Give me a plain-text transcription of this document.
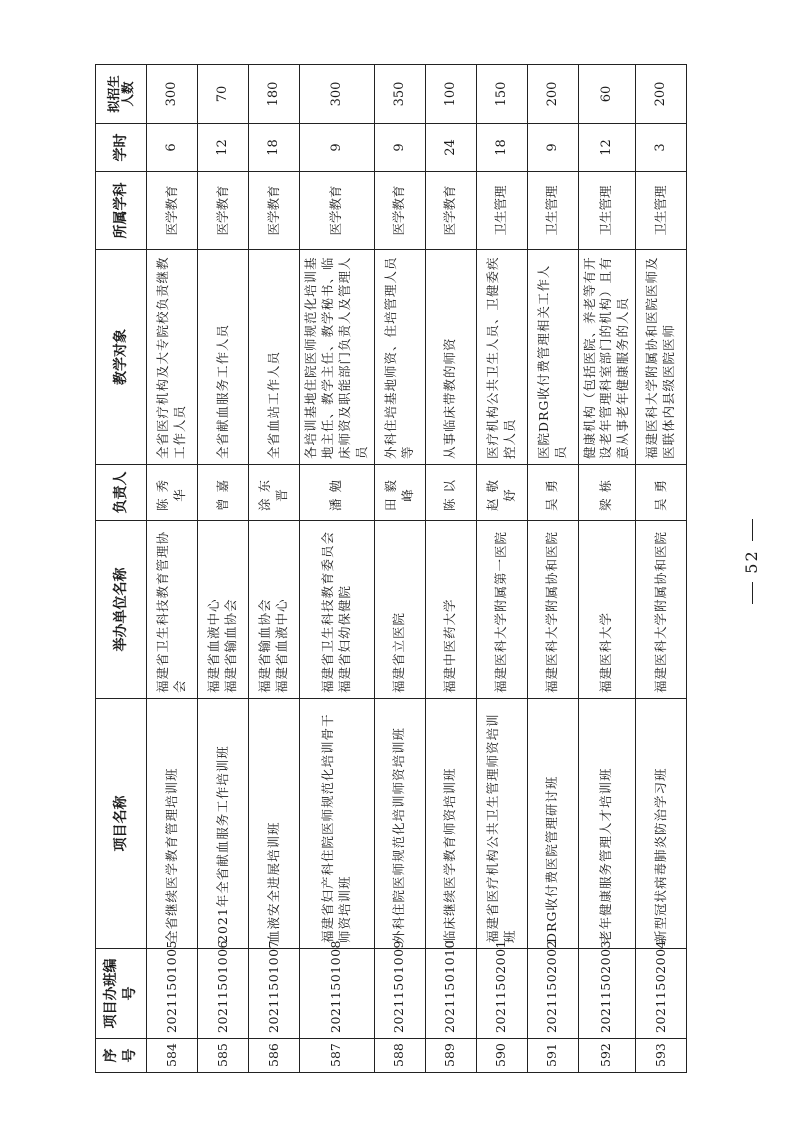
序号	项目办班编号	项目名称	举办单位名称	负责人	教学对象	所属学科	学时	拟招生人数
584	20211501005	全省继续医学教育管理培训班	福建省卫生科技教育管理协会	陈秀华	全省医疗机构及大专院校负责继教工作人员	医学教育	6	300
585	20211501006	2021年全省献血服务工作培训班	福建省血液中心 福建省输血协会	曾嘉	全省献血服务工作人员	医学教育	12	70
586	20211501007	血液安全进展培训班	福建省输血协会 福建省血液中心	涂东晋	全省血站工作人员	医学教育	18	180
587	20211501008	福建省妇产科住院医师规范化培训骨干师资培训班	福建省卫生科技教育委员会 福建省妇幼保健院	潘勉	各培训基地住院医师规范化培训基地主任、教学主任、教学秘书、临床师资及职能部门负责人及管理人员	医学教育	9	300
588	20211501009	外科住院医师规范化培训师资培训班	福建省立医院	田毅峰	外科住培基地师资、住培管理人员等	医学教育	9	350
589	20211501010	临床继续医学教育师资培训班	福建中医药大学	陈以	从事临床带教的师资	医学教育	24	100
590	20211502001	福建省医疗机构公共卫生管理师资培训班	福建医科大学附属第一医院	赵敬妤	医疗机构公共卫生人员、卫健委疾控人员	卫生管理	18	150
591	20211502002	DRG收付费医院管理研讨班	福建医科大学附属协和医院	吴勇	医院DRG收付费管理相关工作人员	卫生管理	9	200
592	20211502003	老年健康服务管理人才培训班	福建医科大学	梁栋	健康机构（包括医院、养老等有开设老年管理科室部门的机构）且有意从事老年健康服务的人员	卫生管理	12	60
593	20211502004	新型冠状病毒肺炎防治学习班	福建医科大学附属协和医院	吴勇	福建医科大学附属协和医院医师及医联体内县级医院医师	卫生管理	3	200
52
